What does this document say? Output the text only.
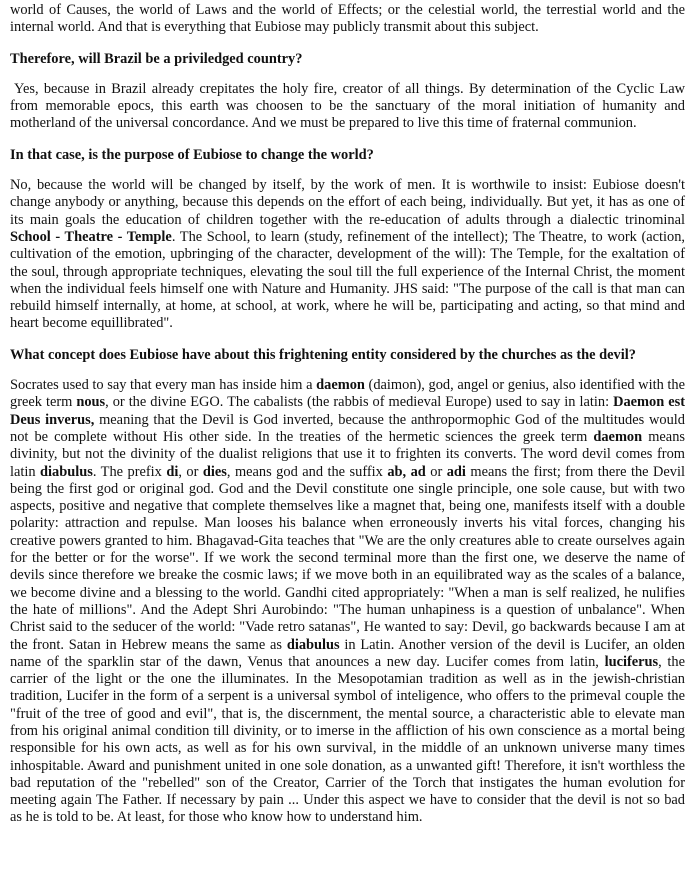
world of Causes, the world of Laws and the world of Effects; or the celestial world, the terrestial world and the internal world. And that is everything that Eubiose may publicly transmit about this subject.

Therefore, will Brazil be a priviledged country?

Yes, because in Brazil already crepitates the holy fire, creator of all things. By determination of the Cyclic Law from memorable epocs, this earth was choosen to be the sanctuary of the moral initiation of humanity and motherland of the universal concordance. And we must be prepared to live this time of fraternal communion.

In that case, is the purpose of Eubiose to change the world?

No, because the world will be changed by itself, by the work of men. It is worthwile to insist: Eubiose doesn't change anybody or anything, because this depends on the effort of each being, individually. But yet, it has as one of its main goals the education of children together with the re-education of adults through a dialectic trinominal School - Theatre - Temple. The School, to learn (study, refinement of the intellect); The Theatre, to work (action, cultivation of the emotion, upbringing of the character, development of the will): The Temple, for the exaltation of the soul, through appropriate techniques, elevating the soul till the full experience of the Internal Christ, the moment when the individual feels himself one with Nature and Humanity. JHS said: "The purpose of the call is that man can rebuild himself internally, at home, at school, at work, where he will be, participating and acting, so that mind and heart become equillibrated".

What concept does Eubiose have about this frightening entity considered by the churches as the devil?

Socrates used to say that every man has inside him a daemon (daimon), god, angel or genius, also identified with the greek term nous, or the divine EGO. The cabalists (the rabbis of medieval Europe) used to say in latin: Daemon est Deus inverus, meaning that the Devil is God inverted, because the anthropormophic God of the multitudes would not be complete without His other side. In the treaties of the hermetic sciences the greek term daemon means divinity, but not the divinity of the dualist religions that use it to frighten its converts. The word devil comes from latin diabulus. The prefix di, or dies, means god and the suffix ab, ad or adi means the first; from there the Devil being the first god or original god. God and the Devil constitute one single principle, one sole cause, but with two aspects, positive and negative that complete themselves like a magnet that, being one, manifests itself with a double polarity: attraction and repulse. Man looses his balance when erroneously inverts his vital forces, changing his creative powers granted to him. Bhagavad-Gita teaches that "We are the only creatures able to create ourselves again for the better or for the worse". If we work the second terminal more than the first one, we deserve the name of devils since therefore we breake the cosmic laws; if we move both in an equilibrated way as the scales of a balance, we become divine and a blessing to the world. Gandhi cited appropriately: "When a man is self realized, he nulifies the hate of millions". And the Adept Shri Aurobindo: "The human unhapiness is a question of unbalance". When Christ said to the seducer of the world: "Vade retro satanas", He wanted to say: Devil, go backwards because I am at the front. Satan in Hebrew means the same as diabulus in Latin. Another version of the devil is Lucifer, an olden name of the sparklin star of the dawn, Venus that anounces a new day. Lucifer comes from latin, luciferus, the carrier of the light or the one the illuminates. In the Mesopotamian tradition as well as in the jewish-christian tradition, Lucifer in the form of a serpent is a universal symbol of inteligence, who offers to the primeval couple the "fruit of the tree of good and evil", that is, the discernment, the mental source, a characteristic able to elevate man from his original animal condition till divinity, or to imerse in the affliction of his own conscience as a mortal being responsible for his own acts, as well as for his own survival, in the middle of an unknown universe many times inhospitable. Award and punishment united in one sole donation, as a unwanted gift! Therefore, it isn't worthless the bad reputation of the "rebelled" son of the Creator, Carrier of the Torch that instigates the human evolution for meeting again The Father. If necessary by pain ... Under this aspect we have to consider that the devil is not so bad as he is told to be. At least, for those who know how to understand him.
